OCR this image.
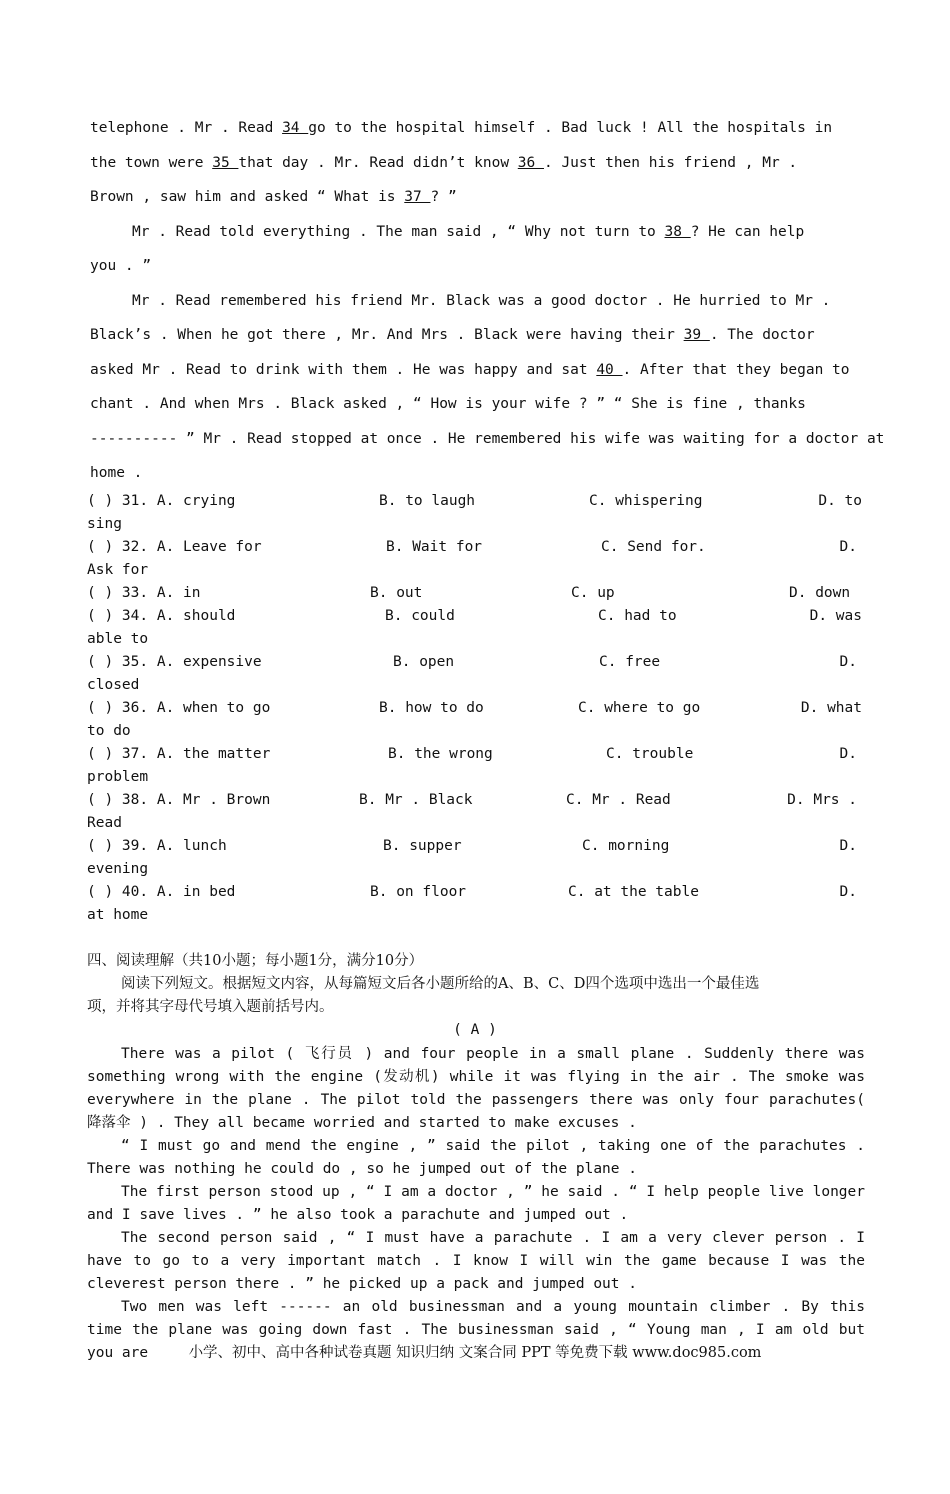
telephone . Mr . Read 34 go to the hospital himself . Bad luck ! All the hospitals in
the town were 35 that day . Mr. Read didn’t know 36 . Just then his friend , Mr .
Brown , saw him and asked “ What is 37 ? ”
Mr . Read told everything . The man said , “ Why not turn to 38 ? He can help
you . ”
Mr . Read remembered his friend Mr. Black was a good doctor . He hurried to Mr .
Black’s . When he got there , Mr. And Mrs . Black were having their 39 . The doctor
asked Mr . Read to drink with them . He was happy and sat 40 . After that they began to
chant . And when Mrs . Black asked , “ How is your wife ? ” “ She is fine , thanks
---------- ” Mr . Read stopped at once . He remembered his wife was waiting for a doctor at
home .
( ) 31. A. crying	B. to laugh	C. whispering	D. to
sing
( ) 32. A. Leave for	B. Wait for	C. Send for.	D.
Ask for
( ) 33. A. in	B. out	C. up	D. down
( ) 34. A. should	B. could	C. had to	D. was
able to
( ) 35. A. expensive	B. open	C. free	D.
closed
( ) 36. A. when to go	B. how to do	C. where to go	D. what
to do
( ) 37. A. the matter	B. the wrong	C. trouble	D.
problem
( ) 38. A. Mr . Brown	B. Mr . Black	C. Mr . Read	D. Mrs .
Read
( ) 39. A. lunch	B. supper	C. morning	D.
evening
( ) 40. A. in bed	B. on floor	C. at the table	D.
at home
四、阅读理解（共10小题；每小题1分，满分10分）
阅读下列短文。根据短文内容，从每篇短文后各小题所给的A、B、C、D四个选项中选出一个最佳选
项，并将其字母代号填入题前括号内。
( A )

There was a pilot ( 飞行员 ) and four people in a small plane . Suddenly there was something wrong with the engine (发动机) while it was flying in the air . The smoke was everywhere in the plane . The pilot told the passengers there was only four parachutes( 降落伞 ) . They all became worried and started to make excuses .

“ I must go and mend the engine , ” said the pilot , taking one of the parachutes . There was nothing he could do , so he jumped out of the plane .

The first person stood up , “ I am a doctor , ” he said . “ I help people live longer and I save lives . ” he also took a parachute and jumped out .

The second person said , “ I must have a parachute . I am a very clever person . I have to go to a very important match . I know I will win the game because I was the cleverest person there . ” he picked up a pack and jumped out .

Two men was left ------ an old businessman and a young mountain climber . By this time the plane was going down fast . The businessman said , “ Young man , I am old but you are	小学、初中、高中各种试卷真题 知识归纳 文案合同 PPT 等免费下载 www.doc985.com
